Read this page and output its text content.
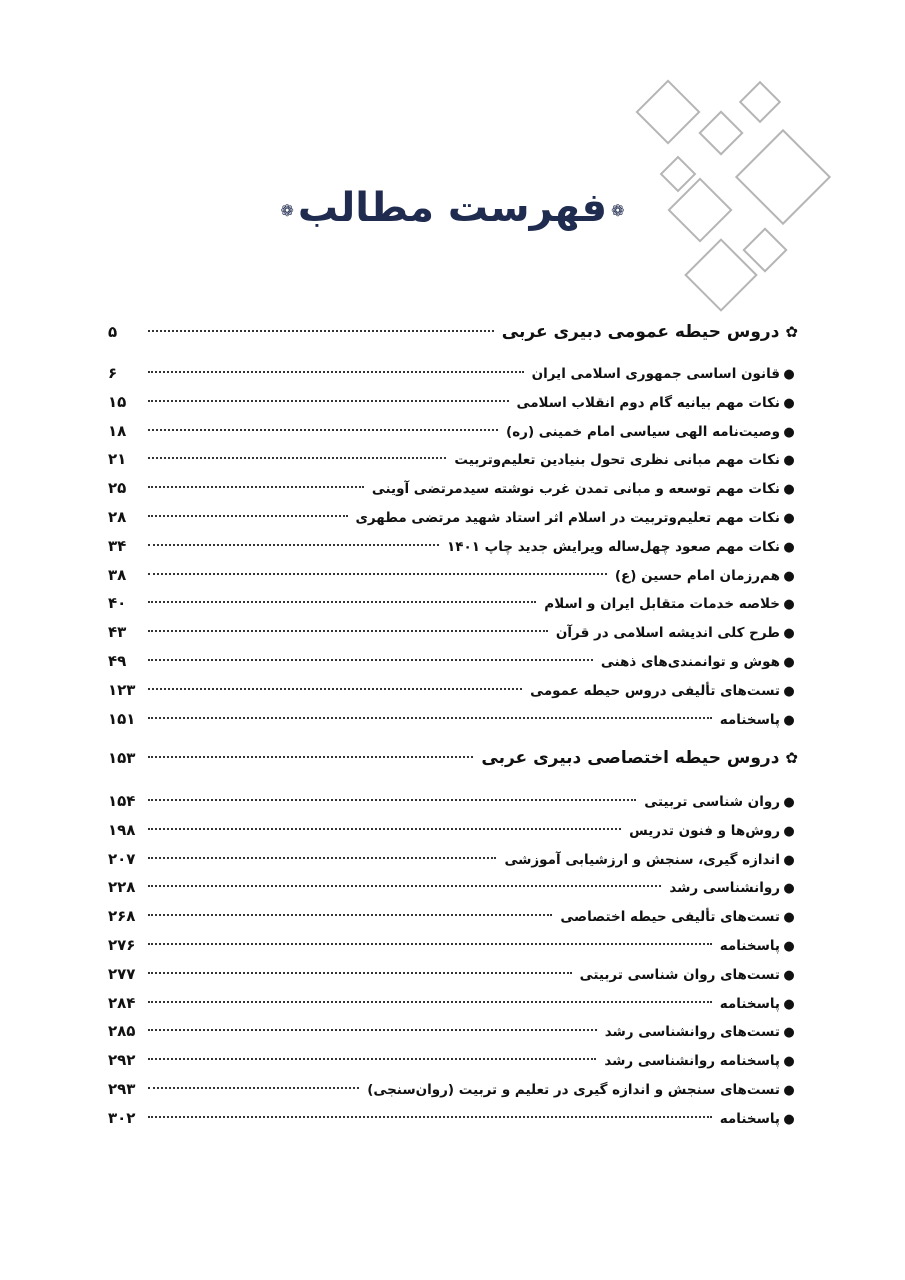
❁فهرست مطالب❁
✿
دروس حیطه عمومی دبیری عربی
۵
●
قانون اساسی جمهوری اسلامی ایران
۶
●
نکات مهم بیانیه گام دوم انقلاب اسلامی
۱۵
●
وصیت‌نامه الهی سیاسی امام خمینی (ره)
۱۸
●
نکات مهم مبانی نظری تحول بنیادین تعلیم‌وتربیت
۲۱
●
نکات مهم توسعه و مبانی تمدن غرب نوشته سیدمرتضی آوینی
۲۵
●
نکات مهم تعلیم‌وتربیت در اسلام اثر استاد شهید مرتضی مطهری
۲۸
●
نکات مهم صعود چهل‌ساله ویرایش جدید چاپ ۱۴۰۱
۳۴
●
هم‌رزمان امام حسین (ع)
۳۸
●
خلاصه خدمات متقابل ایران و اسلام
۴۰
●
طرح کلی اندیشه اسلامی در قرآن
۴۳
●
هوش و توانمندی‌های ذهنی
۴۹
●
تست‌های تألیفی دروس حیطه عمومی
۱۲۳
●
پاسخنامه
۱۵۱
✿
دروس حیطه اختصاصی دبیری عربی
۱۵۳
●
روان شناسی تربیتی
۱۵۴
●
روش‌ها و فنون تدریس
۱۹۸
●
اندازه گیری، سنجش و ارزشیابی آموزشی
۲۰۷
●
روانشناسی رشد
۲۲۸
●
تست‌های تألیفی حیطه اختصاصی
۲۶۸
●
پاسخنامه
۲۷۶
●
تست‌های روان شناسی تربیتی
۲۷۷
●
پاسخنامه
۲۸۴
●
تست‌های روانشناسی رشد
۲۸۵
●
پاسخنامه روانشناسی رشد
۲۹۲
●
تست‌های سنجش و اندازه گیری در تعلیم و تربیت (روان‌سنجی)
۲۹۳
●
پاسخنامه
۳۰۲
